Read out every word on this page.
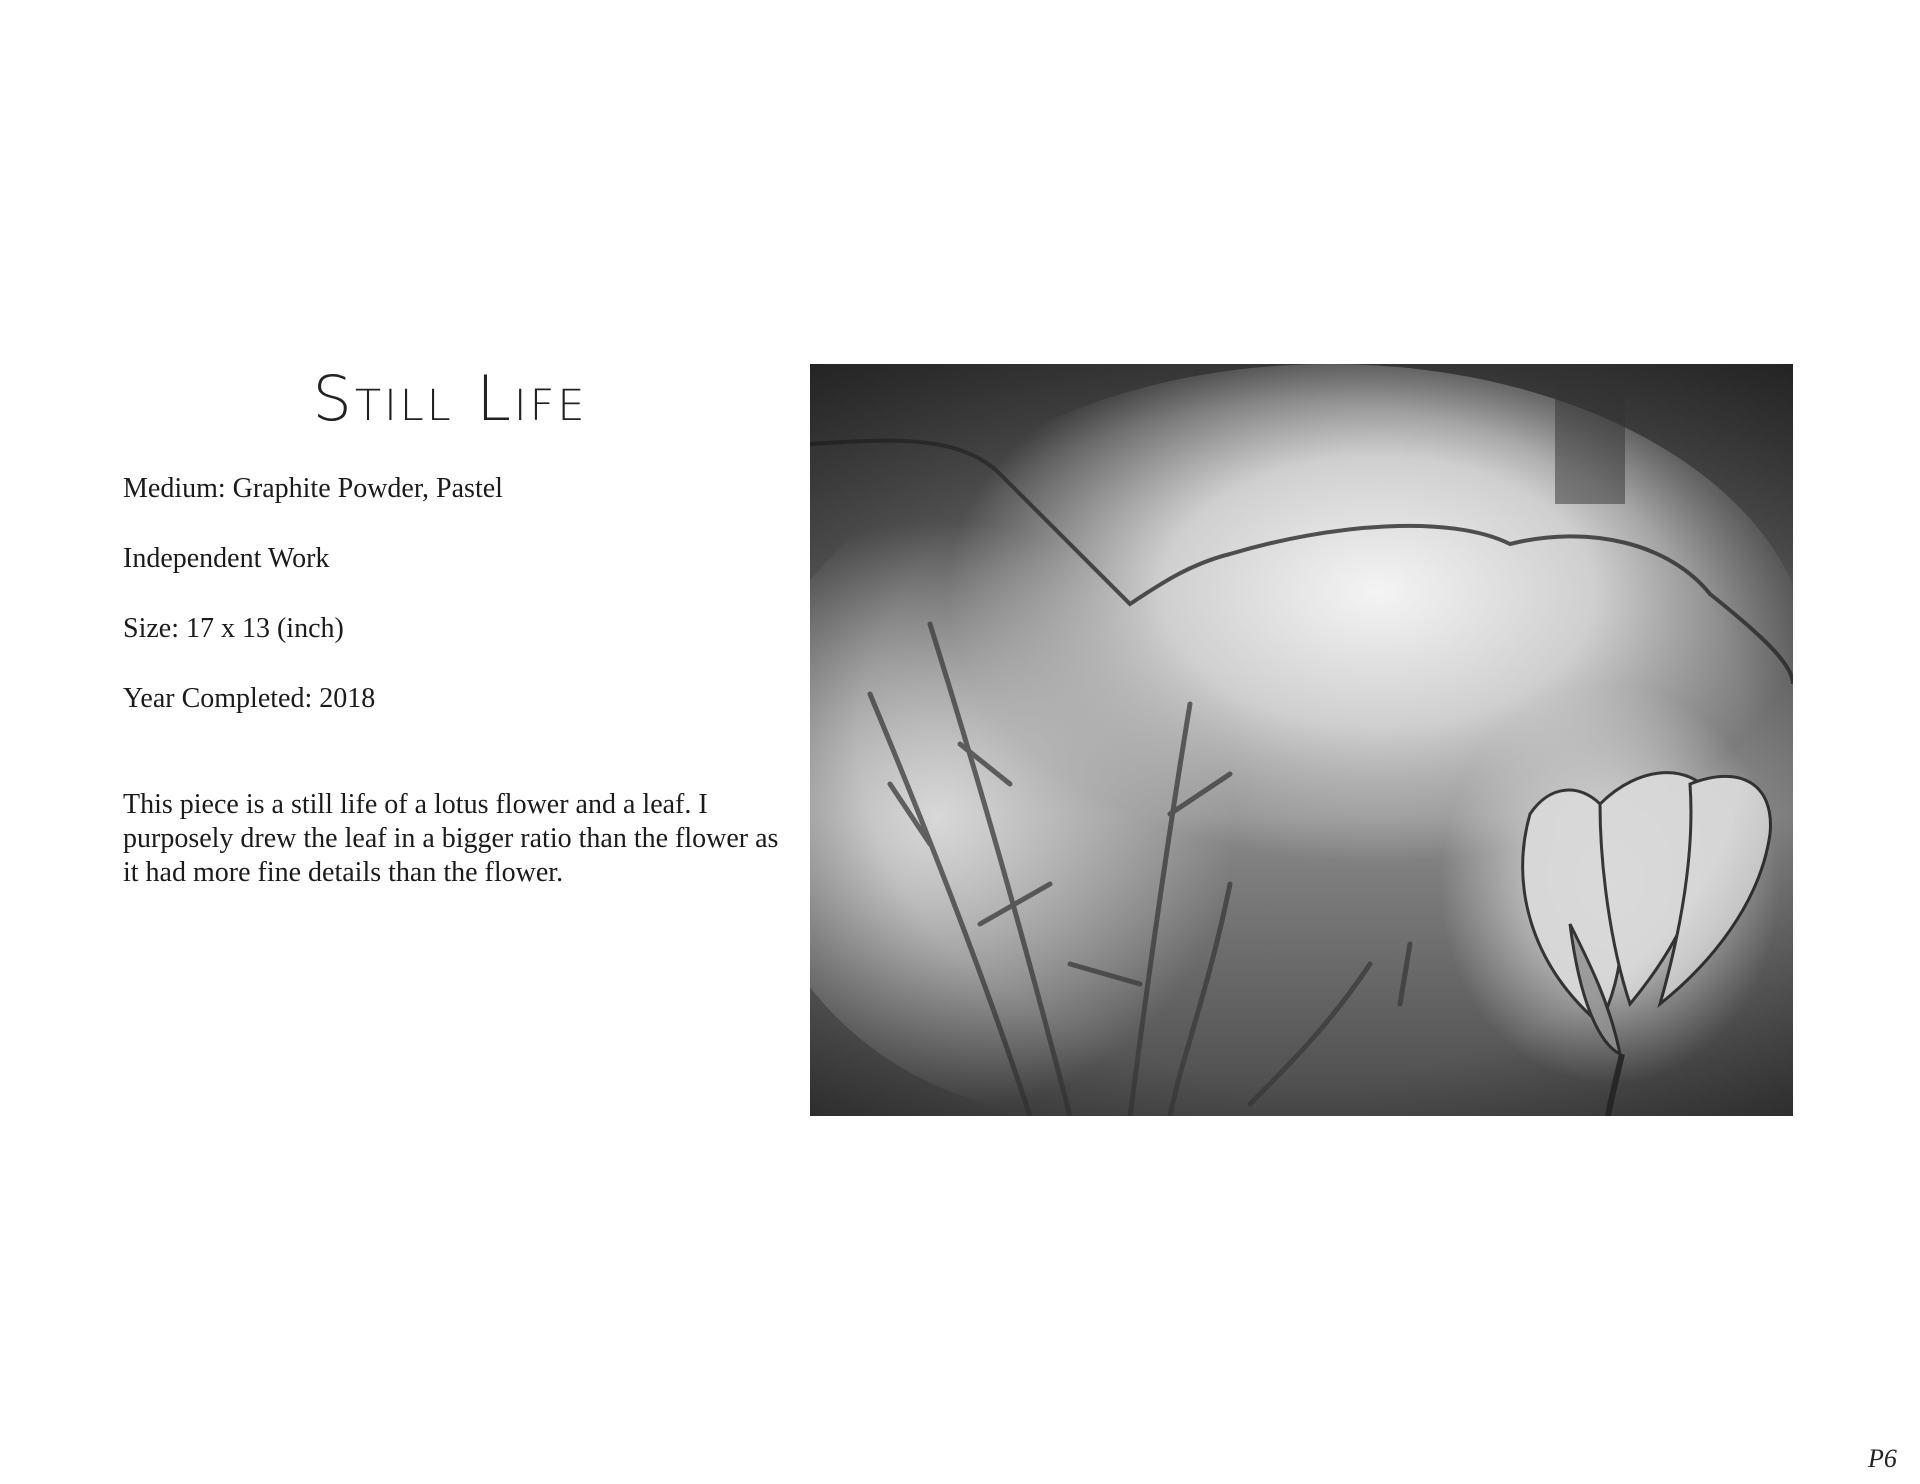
Still Life
Medium: Graphite Powder, Pastel
Independent Work
Size: 17 x 13 (inch)
Year Completed: 2018
This piece is a still life of a lotus flower and a leaf. I purposely drew the leaf in a bigger ratio than the flower as it had more fine details than the flower.
P6
